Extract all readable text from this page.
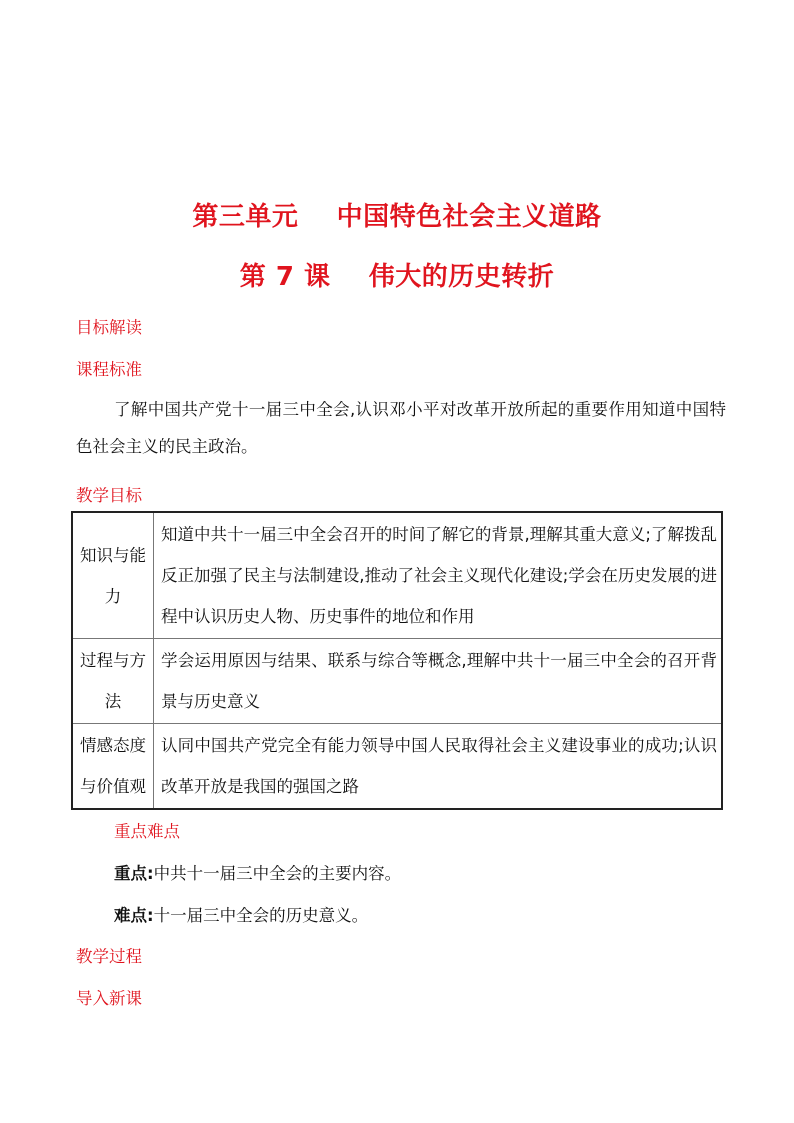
第三单元    中国特色社会主义道路
第 7 课    伟大的历史转折
目标解读
课程标准
了解中国共产党十一届三中全会,认识邓小平对改革开放所起的重要作用知道中国特色社会主义的民主政治。
教学目标
知识与能力	知道中共十一届三中全会召开的时间了解它的背景,理解其重大意义;了解拨乱反正加强了民主与法制建设,推动了社会主义现代化建设;学会在历史发展的进程中认识历史人物、历史事件的地位和作用
过程与方法	学会运用原因与结果、联系与综合等概念,理解中共十一届三中全会的召开背景与历史意义
情感态度与价值观	认同中国共产党完全有能力领导中国人民取得社会主义建设事业的成功;认识改革开放是我国的强国之路
重点难点
重点:中共十一届三中全会的主要内容。
难点:十一届三中全会的历史意义。
教学过程
导入新课
